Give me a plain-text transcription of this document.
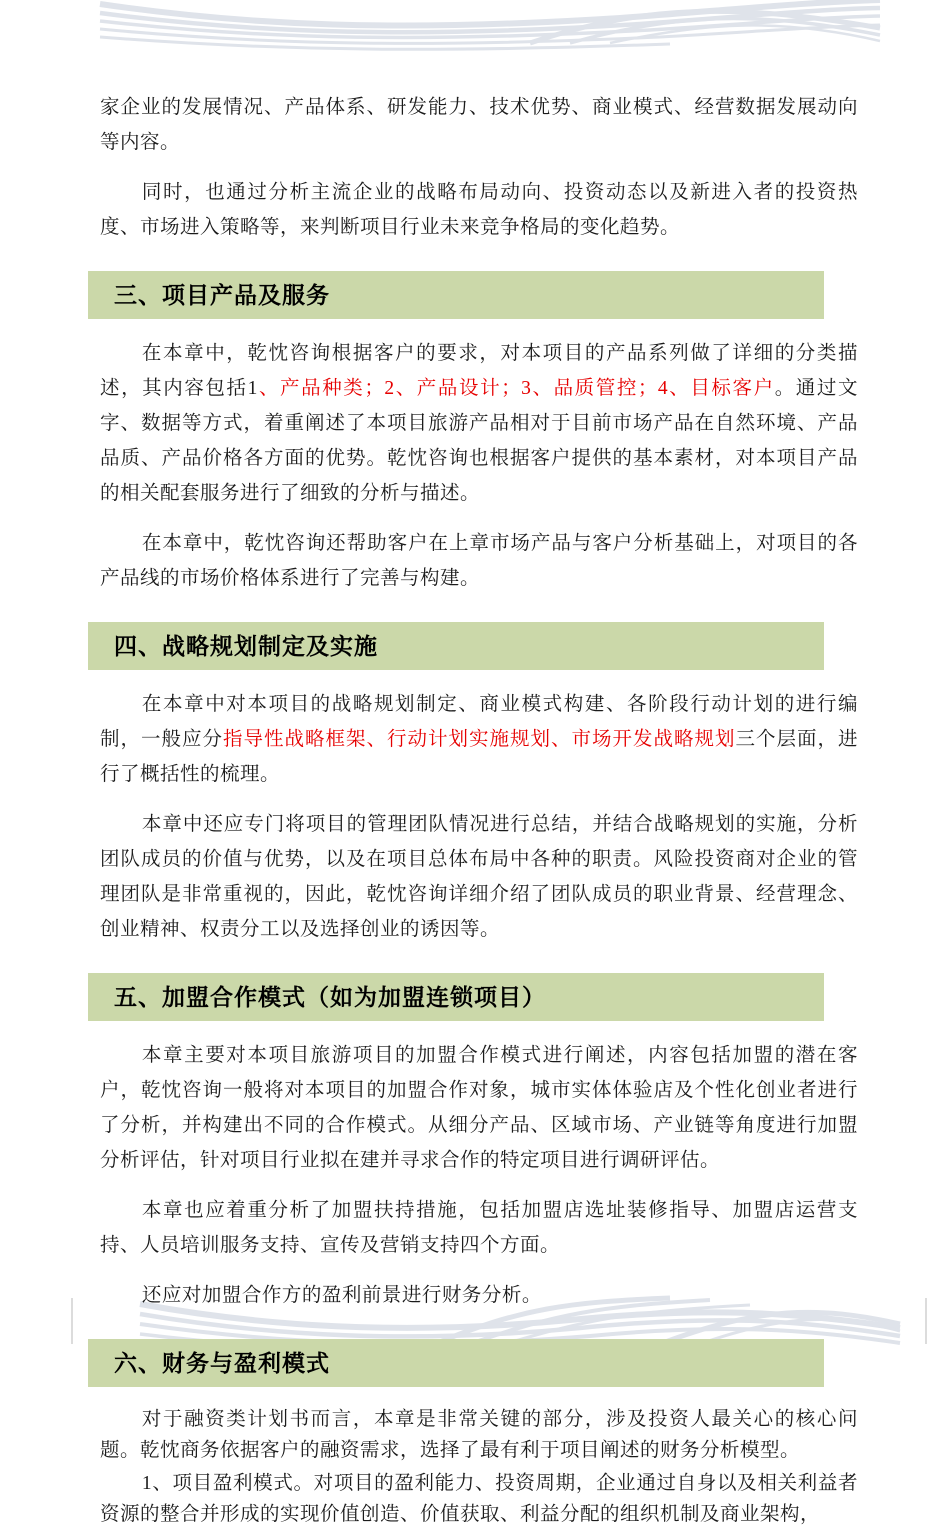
家企业的发展情况、产品体系、研发能力、技术优势、商业模式、经营数据发展动向等内容。

同时，也通过分析主流企业的战略布局动向、投资动态以及新进入者的投资热度、市场进入策略等，来判断项目行业未来竞争格局的变化趋势。

三、项目产品及服务

在本章中，乾忱咨询根据客户的要求，对本项目的产品系列做了详细的分类描述，其内容包括1、产品种类；2、产品设计；3、品质管控；4、目标客户。通过文字、数据等方式，着重阐述了本项目旅游产品相对于目前市场产品在自然环境、产品品质、产品价格各方面的优势。乾忱咨询也根据客户提供的基本素材，对本项目产品的相关配套服务进行了细致的分析与描述。

在本章中，乾忱咨询还帮助客户在上章市场产品与客户分析基础上，对项目的各产品线的市场价格体系进行了完善与构建。

四、战略规划制定及实施

在本章中对本项目的战略规划制定、商业模式构建、各阶段行动计划的进行编制，一般应分指导性战略框架、行动计划实施规划、市场开发战略规划三个层面，进行了概括性的梳理。

本章中还应专门将项目的管理团队情况进行总结，并结合战略规划的实施，分析团队成员的价值与优势，以及在项目总体布局中各种的职责。风险投资商对企业的管理团队是非常重视的，因此，乾忱咨询详细介绍了团队成员的职业背景、经营理念、创业精神、权责分工以及选择创业的诱因等。

五、加盟合作模式（如为加盟连锁项目）

本章主要对本项目旅游项目的加盟合作模式进行阐述，内容包括加盟的潜在客户，乾忱咨询一般将对本项目的加盟合作对象，城市实体体验店及个性化创业者进行了分析，并构建出不同的合作模式。从细分产品、区域市场、产业链等角度进行加盟分析评估，针对项目行业拟在建并寻求合作的特定项目进行调研评估。

本章也应着重分析了加盟扶持措施，包括加盟店选址装修指导、加盟店运营支持、人员培训服务支持、宣传及营销支持四个方面。

还应对加盟合作方的盈利前景进行财务分析。

六、财务与盈利模式

对于融资类计划书而言，本章是非常关键的部分，涉及投资人最关心的核心问题。乾忱商务依据客户的融资需求，选择了最有利于项目阐述的财务分析模型。

1、项目盈利模式。对项目的盈利能力、投资周期，企业通过自身以及相关利益者资源的整合并形成的实现价值创造、价值获取、利益分配的组织机制及商业架构，
